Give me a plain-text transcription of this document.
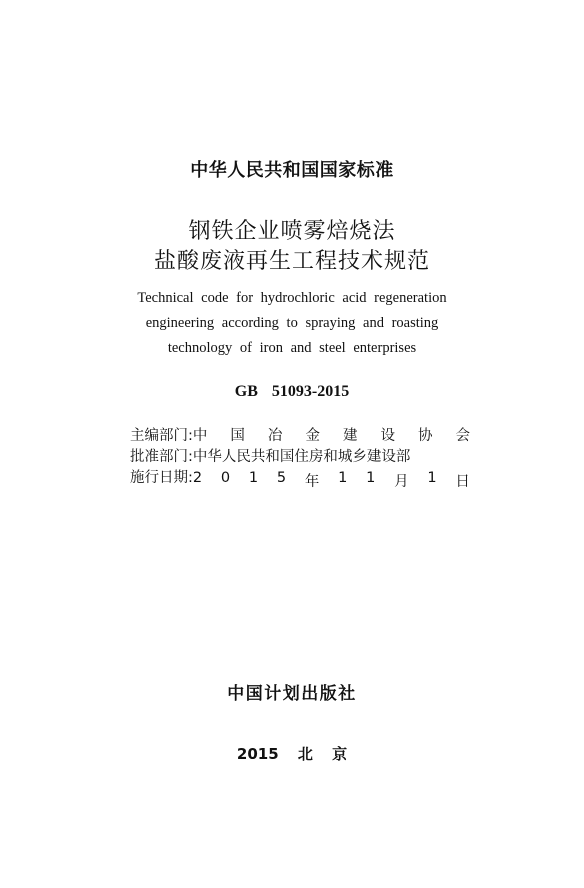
中华人民共和国国家标准
钢铁企业喷雾焙烧法
盐酸废液再生工程技术规范
Technical code for hydrochloric acid regeneration
engineering according to spraying and roasting
technology of iron and steel enterprises
GB 51093-2015
主编部门: 中 国 冶 金 建 设 协 会
批准部门: 中华人民共和国住房和城乡建设部
施行日期: 2 0 1 5 年 1 1 月 1 日
中国计划出版社
2015 北 京
